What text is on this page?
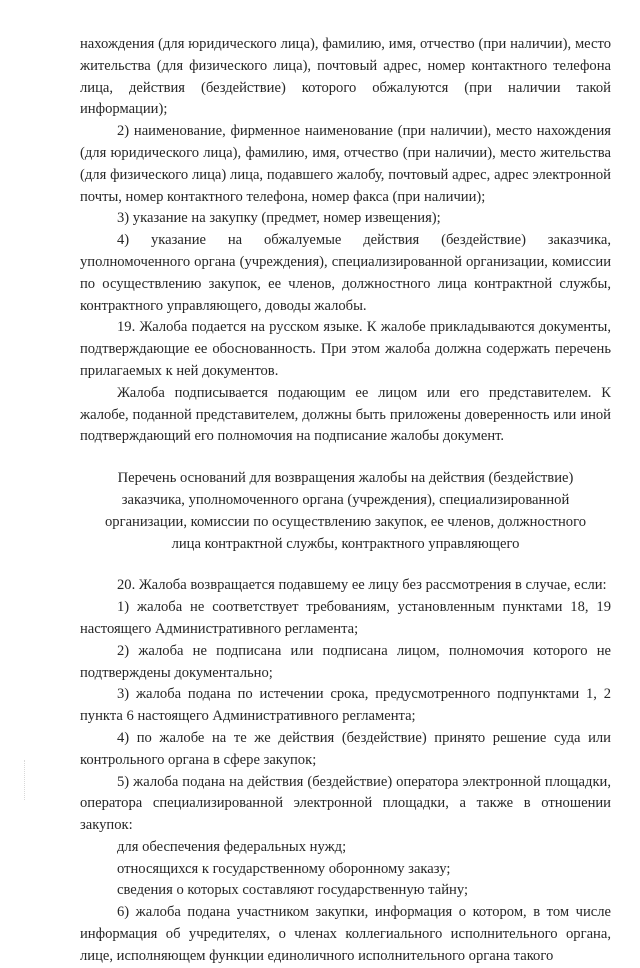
нахождения (для юридического лица), фамилию, имя, отчество (при наличии), место жительства (для физического лица), почтовый адрес, номер контактного телефона лица, действия (бездействие) которого обжалуются (при наличии такой информации);

2) наименование, фирменное наименование (при наличии), место нахождения (для юридического лица), фамилию, имя, отчество (при наличии), место жительства (для физического лица) лица, подавшего жалобу, почтовый адрес, адрес электронной почты, номер контактного телефона, номер факса (при наличии);

3) указание на закупку (предмет, номер извещения);

4) указание на обжалуемые действия (бездействие) заказчика, уполномоченного органа (учреждения), специализированной организации, комиссии по осуществлению закупок, ее членов, должностного лица контрактной службы, контрактного управляющего, доводы жалобы.

19. Жалоба подается на русском языке. К жалобе прикладываются документы, подтверждающие ее обоснованность. При этом жалоба должна содержать перечень прилагаемых к ней документов.

Жалоба подписывается подающим ее лицом или его представителем. К жалобе, поданной представителем, должны быть приложены доверенность или иной подтверждающий его полномочия на подписание жалобы документ.

Перечень оснований для возвращения жалобы на действия (бездействие) заказчика, уполномоченного органа (учреждения), специализированной организации, комиссии по осуществлению закупок, ее членов, должностного лица контрактной службы, контрактного управляющего

20. Жалоба возвращается подавшему ее лицу без рассмотрения в случае, если:

1) жалоба не соответствует требованиям, установленным пунктами 18, 19 настоящего Административного регламента;

2) жалоба не подписана или подписана лицом, полномочия которого не подтверждены документально;

3) жалоба подана по истечении срока, предусмотренного подпунктами 1, 2 пункта 6 настоящего Административного регламента;

4) по жалобе на те же действия (бездействие) принято решение суда или контрольного органа в сфере закупок;

5) жалоба подана на действия (бездействие) оператора электронной площадки, оператора специализированной электронной площадки, а также в отношении закупок:

для обеспечения федеральных нужд;

относящихся к государственному оборонному заказу;

сведения о которых составляют государственную тайну;

6) жалоба подана участником закупки, информация о котором, в том числе информация об учредителях, о членах коллегиального исполнительного органа, лице, исполняющем функции единоличного исполнительного органа такого
